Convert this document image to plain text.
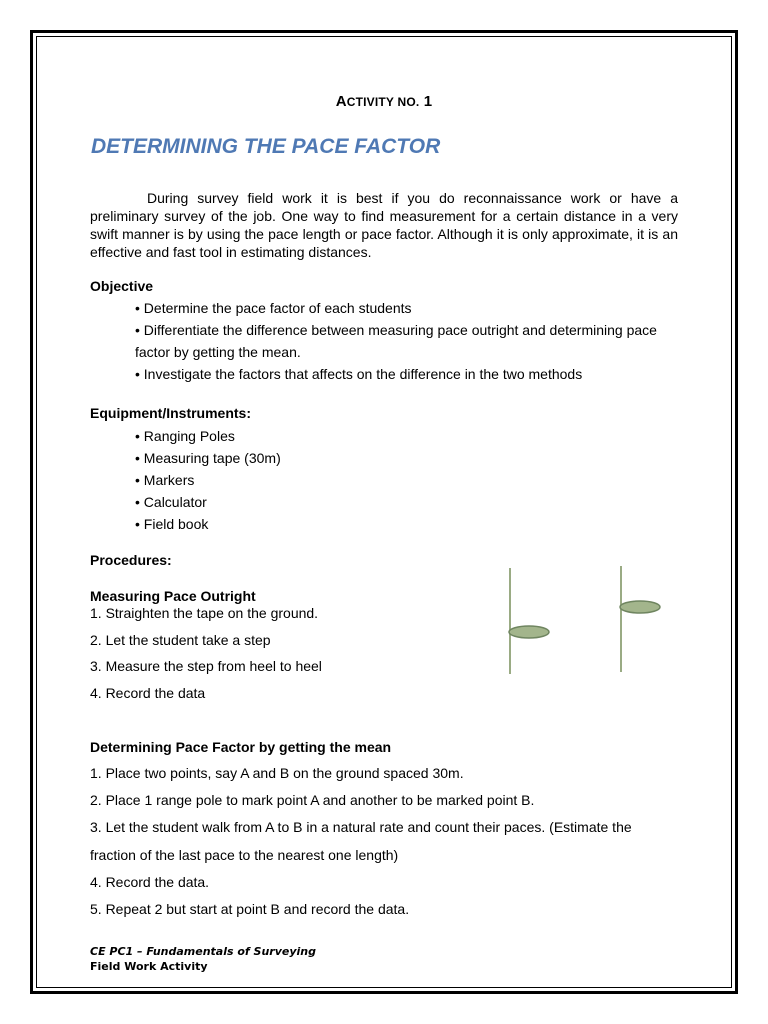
ACTIVITY NO. 1
DETERMINING THE PACE FACTOR

During survey field work it is best if you do reconnaissance work or have a preliminary survey of the job. One way to find measurement for a certain distance in a very swift manner is by using the pace length or pace factor. Although it is only approximate, it is an effective and fast tool in estimating distances.

Objective
• Determine the pace factor of each students
• Differentiate the difference between measuring pace outright and determining pace factor by getting the mean.
• Investigate the factors that affects on the difference in the two methods
Equipment/Instruments:
• Ranging Poles
• Measuring tape (30m)
• Markers
• Calculator
• Field book
Procedures:
Measuring Pace Outright
1. Straighten the tape on the ground.
2. Let the student take a step
3. Measure the step from heel to heel
4. Record the data
Determining Pace Factor by getting the mean
1. Place two points, say A and B on the ground spaced 30m.
2. Place 1 range pole to mark point A and another to be marked point B.
3. Let the student walk from A to B in a natural rate and count their paces. (Estimate the
fraction of the last pace to the nearest one length)
4. Record the data.
5. Repeat 2 but start at point B and record the data.
CE PC1 – Fundamentals of Surveying
Field Work Activity
